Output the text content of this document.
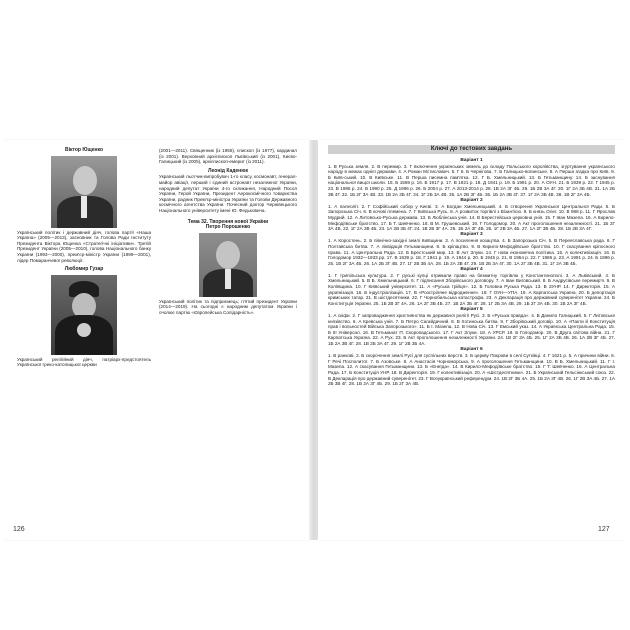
Віктор Ющенко

Український політик і державний діяч, голова партії «Наша Україна» (2005—2013), засновник та Голова Ради Інституту Президента Віктора Ющенка «Стратегічні ініціативи». Третій Президент України (2005—2010), голова Національного банку України (1993—2000), прем'єр-міністр України (1999—2001), лідер Помаранчевої революції.

Любомир Гузар

Український релігійний діяч, патріарх-предстоятель Української греко-католицької церкви

(2001—2011). Священник (із 1958), єпископ (із 1977), кардинал (із 2001). Верховний архієпископ Львівський (із 2001), Києво-Галицький (із 2005), архієпископ-емерит (із 2011).

Леонід Каденюк

Український льотчик-випробувач 1-го класу, космонавт, генерал-майор авіації, перший і єдиний астронавт незалежної України, народний депутат України 4-го скликання, Народний Посол України, Герой України, Президент Аерокосмічного товариства України, радник Прем'єр-міністра України та Голови Державного космічного агентства України. Почесний доктор Чернівецького Національного університету імені Ю. Федьковича.

Тема 32. Творення нової України
Петро Порошенко

Український політик та підприємець; п'ятий президент України (2014—2019). На сьогодні є народним депутатом України і очолює партію «Європейська Солідарність».

126
Ключі до тестових завдань
Варіант 1

1. В Руська земля. 2. В перемир. 3. Г включення українських земель до складу Польського королівства, згуртування українського народу в межах однієї держави. 4. А Роман Мстиславич. 5. Г 6. Б Чернігова. 7. Б Галицько-волинське. 8. А Перша згадка про Київ. 9. Б Київ-ський. 10. В Київське. 11. В Перша писемна пам'ятка. 12. Г Б. Хмельницький. 13. Б Гетьманщину. 14. Б заснування національної вищої школи. 15. Б 1569 р. 16. Б 1917 р. 17. В 1921 р. 18. Д 1941 р. 19. Б 1991 р. 20. А ОУН. 21. Б 1939 р. 22. Г 1945 р. 23. В 1986 р. 24. В 1990 р. 25. Д 1996 р. 26. Б 2004 р. 27. А 2013-2014 р. 28. 1В 2А 3Г 4Б. 29. 1Б 2В 3А 4Г. 30. 1Г 2А 3Б 4В. 31. 1А 2Б 3В 4Г. 32. 1Б 2Г 3А 4В. 33. 1В 2А 3Б 4Г. 34. 1Г 2Б 3А 4В. 35. 1А 2В 3Г 4Б. 36. 1Б 2А 3В 4Г. 37. 1Г 2А 3Б 4В. 38. 1В 2Г 3А 4Б.

Варіант 2

1. А палеоліт. 2. Г Софійський собор у Києві. 3. А Богдан Хмельницький. 4. Б створення Української Центральної Ради. 5. Б Запорозька Січ. 6. В кочові племена. 7. Г Київська Русь. 8. А розвиток торгівлі з Візантією. 9. Б князь Олег. 10. В 988 р. 11. Г Ярослав Мудрий. 12. А Литовсько-Руська держава. 13. Б Люблінська унія. 14. В Берестейська церковна унія. 15. Г Іван Мазепа. 16. А Кирило-Мефодіївське братство. 17. Б Т. Шевченко. 18. В М. Грушевський. 19. Г Голодомор. 20. А Акт проголошення незалежності. 21. 1Б 2Г 3А 4В. 22. 1Г 2А 3В 4Б. 23. 1А 2В 3Б 4Г. 24. 1В 2Б 3Г 4А. 25. 1Б 2А 3Г 4В. 26. 1Г 2В 3А 4Б. 27. 1А 2Г 3В 4Б. 28. 1Б 2В 3А 4Г.

Варіант 3

1. А Коростень. 2. Б північно-західні землі Київщини. 3. А посилення козацтва. 4. Б Запорозька Січ. 5. В Переяславська рада. 6. Г Полтавська битва. 7. А ліквідація Гетьманщини. 8. Б кріпацтво. 9. В Кирило-Мефодіївське братство. 10. Г скасування кріпосного права. 11. А Центральна Рада. 12. Б Брестський мир. 13. В Акт Злуки. 14. Г нова економічна політика. 15. А колективізація. 16. Б Голодомор 1932—1933 рр. 17. В 1939 р. 18. Г 1941 р. 19. А 1944 р. 20. Б 1945 р. 21. В 1954 р. 22. Г 1986 р. 23. А 1991 р. 24. Б 1996 р. 25. 1В 2Г 3А 4Б. 26. 1А 2Б 3Г 4В. 27. 1Г 2В 3Б 4А. 28. 1Б 2А 3В 4Г. 29. 1В 2Б 3А 4Г. 30. 1А 2Г 3Б 4В. 31. 1Г 2А 3В 4Б.

Варіант 4

1. Г трипільська культура. 2. Г руські купці отримали право на безмитну торгівлю у Константинополі. 3. А Львівський. 4. Б Хмельницький. 5. В Б. Хмельницький. 6. Г підписання Зборівського договору. 7. А Іван Виговський. 8. Б Андрусівське перемир'я. 9. В Коліївщина. 10. Г Київський університет. 11. А «Руська трійця». 12. Б Головна Руська Рада. 13. В ЗУНР. 14. Г Директорія. 15. А українізація. 16. Б індустріалізація. 17. В «Розстріляне відродження». 18. Г ОУН—УПА. 19. А Карпатська Україна. 20. Б депортація кримських татар. 21. В шістдесятники. 22. Г Чорнобильська катастрофа. 23. А Декларація про державний суверенітет України. 24. Б Конституція України. 25. 1Б 2В 3Г 4А. 26. 1А 2Г 3В 4Б. 27. 1В 2А 3Б 4Г. 28. 1Г 2Б 3А 4В. 29. 1Б 2Г 3А 4В. 30. 1В 2А 3Г 4Б.

Варіант 5

1. А скіфи. 2. Г запровадження християнства як державної релігії Русі. 3. Б «Руська правда». 4. В Данило Галицький. 5. Г Литовське князівство. 6. А Кревська унія. 7. Б Петро Сагайдачний. 8. В Хотинська битва. 9. Г Зборівський договір. 10. А «Пакти й Конституція прав і вольностей Війська Запорозького». 11. Б І. Мазепа. 12. В Нова Січ. 13. Г Емський указ. 14. А Українська Центральна Рада. 15. Б ІІІ Універсал. 16. В Гетьманат П. Скоропадського. 17. Г Акт Злуки. 18. А УРСР. 19. Б Голодомор. 20. В Друга світова війна. 21. Г Карпатська Україна. 22. А Рух. 23. Б Акт проголошення незалежності України. 24. 1В 2Г 3А 4Б. 25. 1Г 2А 3Б 4В. 26. 1А 2В 3Г 4Б. 27. 1Б 2А 3В 4Г. 28. 1В 2Б 3А 4Г. 29. 1Г 2В 3Б 4А.

Варіант 6

1. В ранкові. 2. Б скорочення землі Русі для суспільних верств. 3. Б церкву Покрови в селі Сутківці. 4. Г 1621 р. 5. А причини війни. 6. Г Речі Посполитої. 7. Б Азовське. 8. А Анастасія Чорноморська. 9. А проголошення Гетьманщини. 10. В Б. Хмельницький. 11. Г І. Мазепа. 12. А скасування Гетьманщини. 13. Б «Енеїда». 14. В Кирило-Мефодіївське братство. 15. Г Т. Шевченко. 16. А Центральна Рада. 17. Б Конституція УНР. 18. В Директорія. 19. Г колективізація. 20. А «Шістдесятники». 21. Б Український Гельсінкський союз. 22. В Декларація про державний суверенітет. 23. Г Всеукраїнський референдум. 24. 1В 2Г 3Б 4А. 25. 1Б 2А 3Г 4В. 26. 1Г 2В 3А 4Б. 27. 1А 2Б 3В 4Г. 28. 1В 2А 3Г 4Б. 29. 1Б 2Г 3А 4В.

127
